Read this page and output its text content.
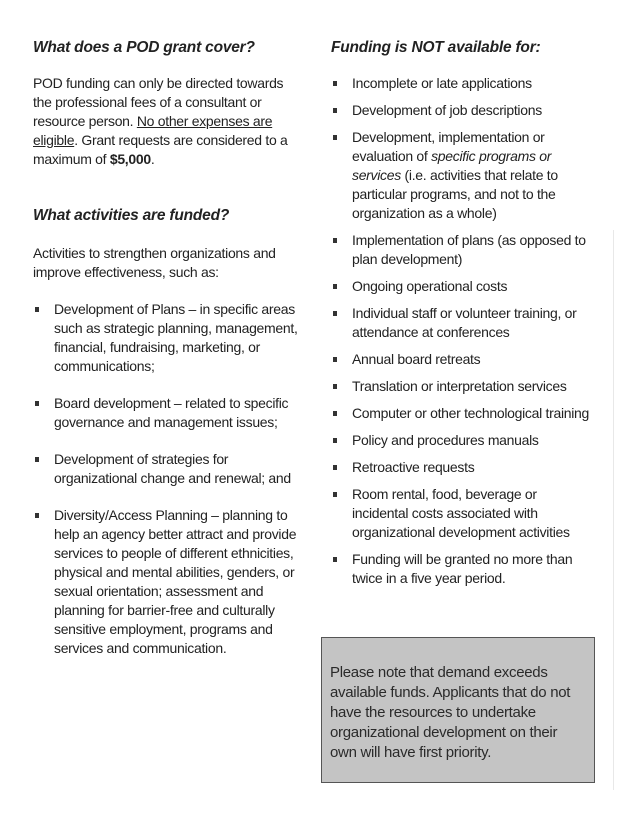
What does a POD grant cover?

POD funding can only be directed towards the professional fees of a consultant or resource person. No other expenses are eligible. Grant requests are considered to a maximum of $5,000.

What activities are funded?

Activities to strengthen organizations and improve effectiveness, such as:

Development of Plans – in specific areas such as strategic planning, management, financial, fundraising, marketing, or communications;
Board development – related to specific governance and management issues;
Development of strategies for organizational change and renewal; and
Diversity/Access Planning – planning to help an agency better attract and provide services to people of different ethnicities, physical and mental abilities, genders, or sexual orientation; assessment and planning for barrier-free and culturally sensitive employment, programs and services and communication.
Funding is NOT available for:
Incomplete or late applications
Development of job descriptions
Development, implementation or evaluation of specific programs or services (i.e. activities that relate to particular programs, and not to the organization as a whole)
Implementation of plans (as opposed to plan development)
Ongoing operational costs
Individual staff or volunteer training, or attendance at conferences
Annual board retreats
Translation or interpretation services
Computer or other technological training
Policy and procedures manuals
Retroactive requests
Room rental, food, beverage or incidental costs associated with organizational development activities
Funding will be granted no more than twice in a five year period.

Please note that demand exceeds available funds. Applicants that do not have the resources to undertake organizational development on their own will have first priority.
